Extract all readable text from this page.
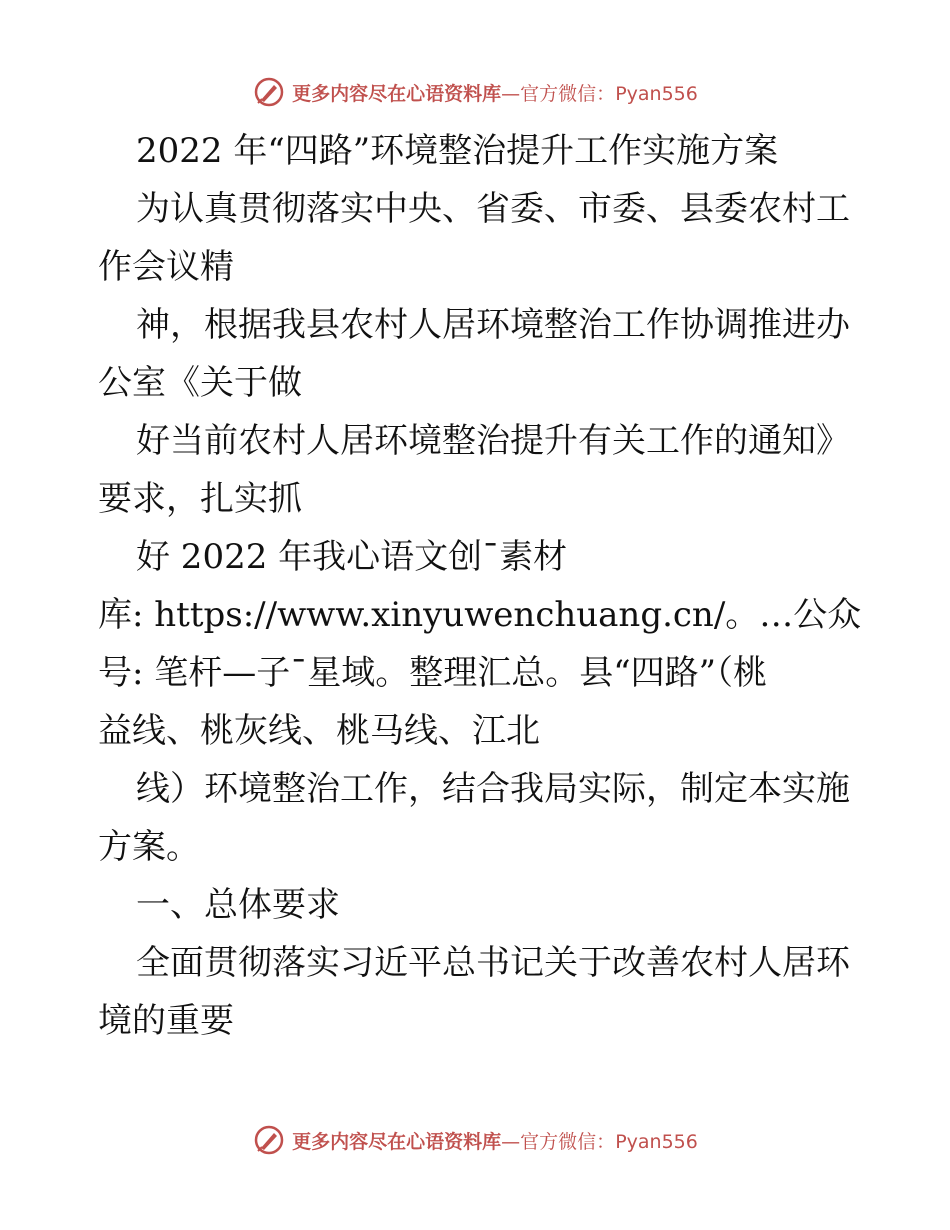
更多内容尽在心语资料库—官方微信：Pyan556
2022 年“四路”环境整治提升工作实施方案
为认真贯彻落实中央、省委、市委、县委农村工
作会议精
神，根据我县农村人居环境整治工作协调推进办
公室《关于做
好当前农村人居环境整治提升有关工作的通知》
要求，扎实抓
好 2022 年我心语文创¯素材
库: https://www.xinyuwenchuang.cn/。…公众
号: 笔杆—子¯星域。整理汇总。县“四路”（桃
益线、桃灰线、桃马线、江北
线）环境整治工作，结合我局实际，制定本实施
方案。
一、总体要求
全面贯彻落实习近平总书记关于改善农村人居环
境的重要
更多内容尽在心语资料库—官方微信：Pyan556
